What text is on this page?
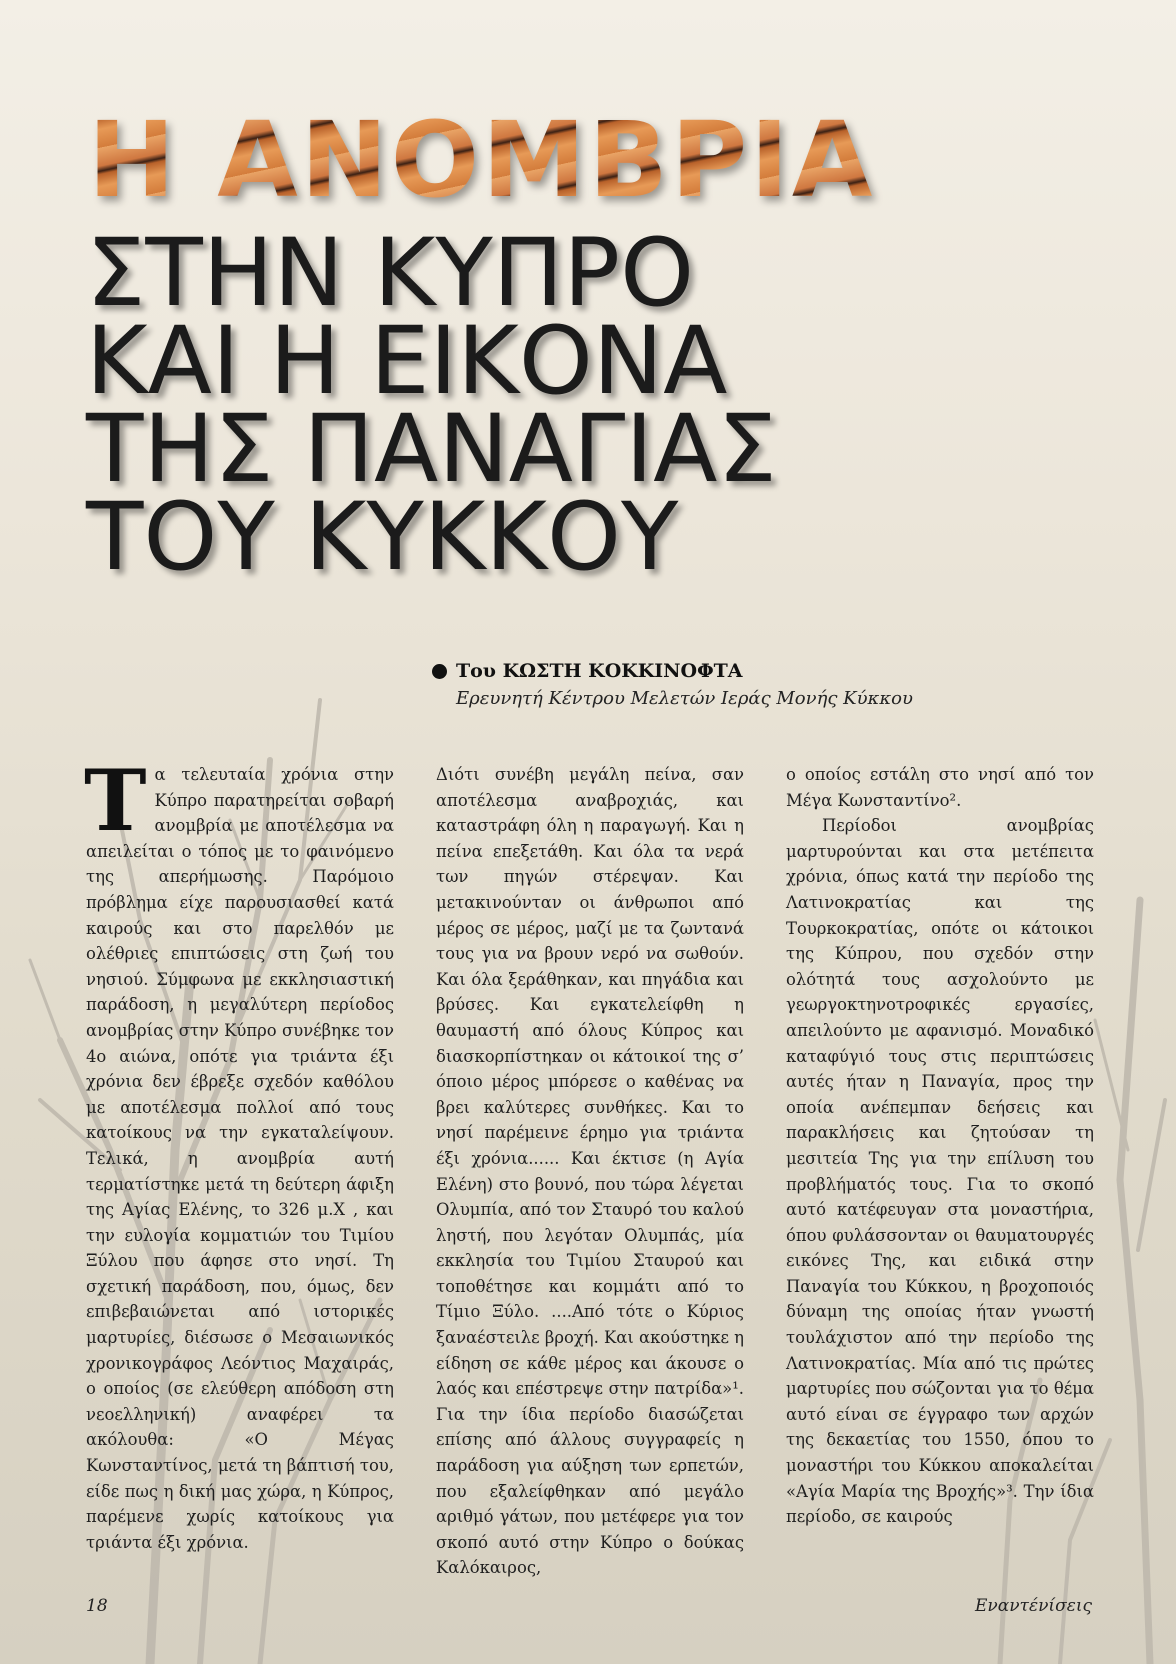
Η ΑΝΟΜΒΡΙΑ
ΣΤΗΝ ΚΥΠΡΟ
ΚΑΙ Η ΕΙΚΟΝΑ
ΤΗΣ ΠΑΝΑΓΙΑΣ
ΤΟΥ ΚΥΚΚΟΥ
Του ΚΩΣΤΗ ΚΟΚΚΙΝΟΦΤΑ
Ερευνητή Κέντρου Μελετών Ιεράς Μονής Κύκκου

Τα τελευταία χρόνια στην Κύπρο παρατηρείται σοβαρή ανομβρία με αποτέλεσμα να απειλείται ο τόπος με το φαινόμενο της απερήμωσης. Παρόμοιο πρόβλημα είχε παρουσιασθεί κατά καιρούς και στο παρελθόν με ολέθριες επιπτώσεις στη ζωή του νησιού. Σύμφωνα με εκκλησιαστική παράδοση, η μεγαλύτερη περίοδος ανομβρίας στην Κύπρο συνέβηκε τον 4ο αιώνα, οπότε για τριάντα έξι χρόνια δεν έβρεξε σχεδόν καθόλου με αποτέλεσμα πολλοί από τους κατοίκους να την εγκαταλείψουν. Τελικά, η ανομβρία αυτή τερματίστηκε μετά τη δεύτερη άφιξη της Αγίας Ελένης, το 326 μ.Χ , και την ευλογία κομματιών του Τιμίου Ξύλου που άφησε στο νησί. Τη σχετική παράδοση, που, όμως, δεν επιβεβαιώνεται από ιστορικές μαρτυρίες, διέσωσε ο Μεσαιωνικός χρονικογράφος Λεόντιος Μαχαιράς, ο οποίος (σε ελεύθερη απόδοση στη νεοελληνική) αναφέρει τα ακόλουθα: «Ο Μέγας Κωνσταντίνος, μετά τη βάπτισή του, είδε πως η δική μας χώρα, η Κύπρος, παρέμενε χωρίς κατοίκους για τριάντα έξι χρόνια.

Διότι συνέβη μεγάλη πείνα, σαν αποτέλεσμα αναβροχιάς, και καταστράφη όλη η παραγωγή. Και η πείνα επεξετάθη. Και όλα τα νερά των πηγών στέρεψαν. Και μετακινούνταν οι άνθρωποι από μέρος σε μέρος, μαζί με τα ζωντανά τους για να βρουν νερό να σωθούν. Και όλα ξεράθηκαν, και πηγάδια και βρύσες. Και εγκατελείφθη η θαυμαστή από όλους Κύπρος και διασκορπίστηκαν οι κάτοικοί της σ’ όποιο μέρος μπόρεσε ο καθένας να βρει καλύτερες συνθήκες. Και το νησί παρέμεινε έρημο για τριάντα έξι χρόνια...... Και έκτισε (η Αγία Ελένη) στο βουνό, που τώρα λέγεται Ολυμπία, από τον Σταυρό του καλού ληστή, που λεγόταν Ολυμπάς, μία εκκλησία του Τιμίου Σταυρού και τοποθέτησε και κομμάτι από το Τίμιο Ξύλο. ....Από τότε ο Κύριος ξαναέστειλε βροχή. Και ακούστηκε η είδηση σε κάθε μέρος και άκουσε ο λαός και επέστρεψε στην πατρίδα»¹. Για την ίδια περίοδο διασώζεται επίσης από άλλους συγγραφείς η παράδοση για αύξηση των ερπετών, που εξαλείφθηκαν από μεγάλο αριθμό γάτων, που μετέφερε για τον σκοπό αυτό στην Κύπρο ο δούκας Καλόκαιρος,

ο οποίος εστάλη στο νησί από τον Μέγα Κωνσταντίνο².

Περίοδοι ανομβρίας μαρτυρούνται και στα μετέπειτα χρόνια, όπως κατά την περίοδο της Λατινοκρατίας και της Τουρκοκρατίας, οπότε οι κάτοικοι της Κύπρου, που σχεδόν στην ολότητά τους ασχολούντο με γεωργοκτηνοτροφικές εργασίες, απειλούντο με αφανισμό. Μοναδικό καταφύγιό τους στις περιπτώσεις αυτές ήταν η Παναγία, προς την οποία ανέπεμπαν δεήσεις και παρακλήσεις και ζητούσαν τη μεσιτεία Της για την επίλυση του προβλήματός τους. Για το σκοπό αυτό κατέφευγαν στα μοναστήρια, όπου φυλάσσονταν οι θαυματουργές εικόνες Της, και ειδικά στην Παναγία του Κύκκου, η βροχοποιός δύναμη της οποίας ήταν γνωστή τουλάχιστον από την περίοδο της Λατινοκρατίας. Μία από τις πρώτες μαρτυρίες που σώζονται για το θέμα αυτό είναι σε έγγραφο των αρχών της δεκαετίας του 1550, όπου το μοναστήρι του Κύκκου αποκαλείται «Αγία Μαρία της Βροχής»³. Την ίδια περίοδο, σε καιρούς

18	Εναντένίσεις
